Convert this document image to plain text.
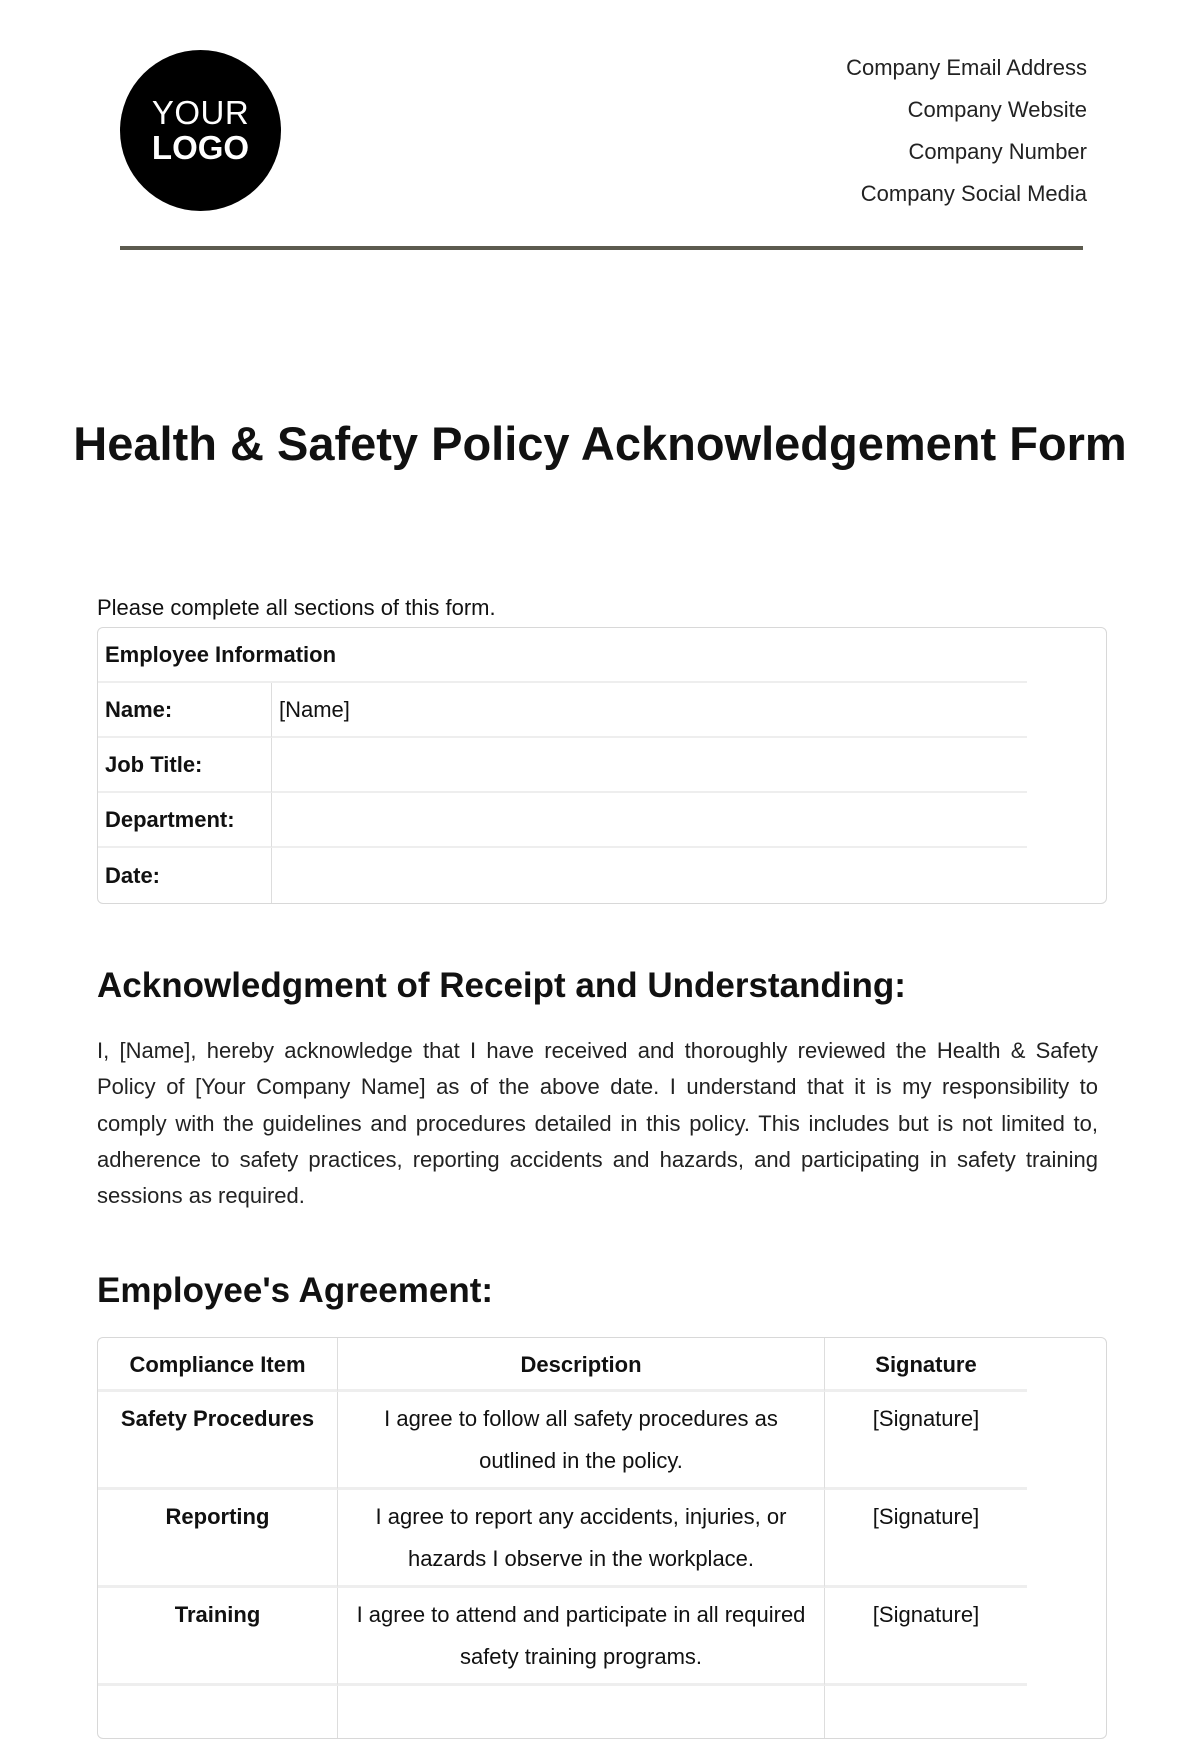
YOUR
LOGO
Company Email Address
Company Website
Company Number
Company Social Media
Health & Safety Policy Acknowledgement Form
Please complete all sections of this form.
Employee Information	
Name:	[Name]
Job Title:	
Department:	
Date:	
Acknowledgment of Receipt and Understanding:
I, [Name], hereby acknowledge that I have received and thoroughly reviewed the Health & Safety Policy of [Your Company Name] as of the above date. I understand that it is my responsibility to comply with the guidelines and procedures detailed in this policy. This includes but is not limited to, adherence to safety practices, reporting accidents and hazards, and participating in safety training sessions as required.
Employee's Agreement:
Compliance Item	Description	Signature
Safety Procedures	I agree to follow all safety procedures as outlined in the policy.	[Signature]
Reporting	I agree to report any accidents, injuries, or hazards I observe in the workplace.	[Signature]
Training	I agree to attend and participate in all required safety training programs.	[Signature]
